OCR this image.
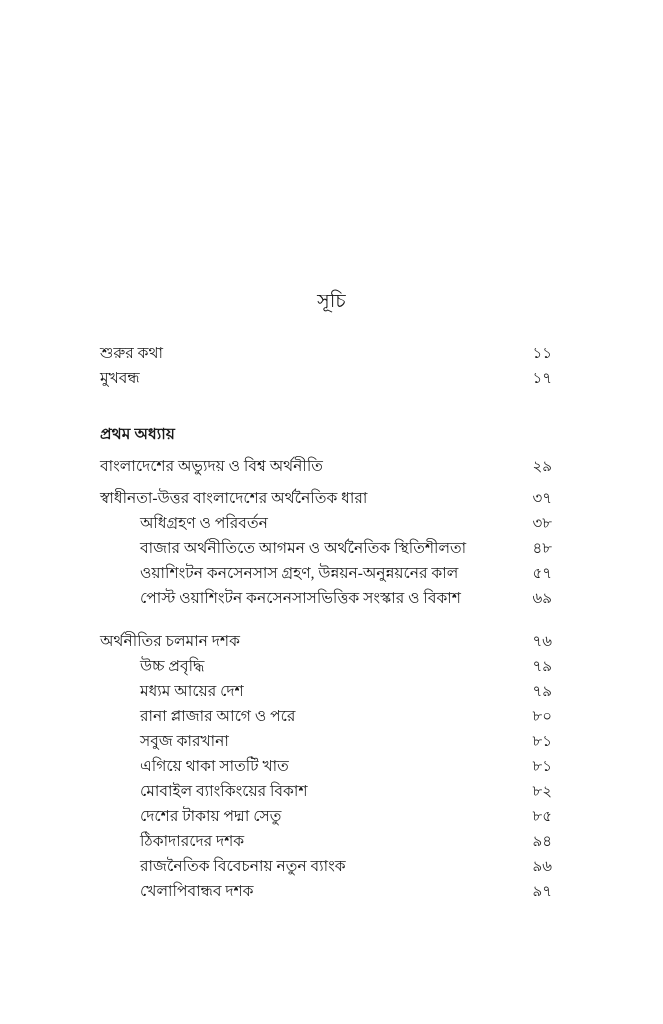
সূচি
শুরুর কথা	১১
মুখবন্ধ	১৭
প্রথম অধ্যায়
বাংলাদেশের অভ্যুদয় ও বিশ্ব অর্থনীতি	২৯
স্বাধীনতা-উত্তর বাংলাদেশের অর্থনৈতিক ধারা	৩৭
অধিগ্রহণ ও পরিবর্তন	৩৮
বাজার অর্থনীতিতে আগমন ও অর্থনৈতিক স্থিতিশীলতা	৪৮
ওয়াশিংটন কনসেনসাস গ্রহণ, উন্নয়ন-অনুন্নয়নের কাল	৫৭
পোস্ট ওয়াশিংটন কনসেনসাসভিত্তিক সংস্কার ও বিকাশ	৬৯
অর্থনীতির চলমান দশক	৭৬
উচ্চ প্রবৃদ্ধি	৭৯
মধ্যম আয়ের দেশ	৭৯
রানা প্লাজার আগে ও পরে	৮০
সবুজ কারখানা	৮১
এগিয়ে থাকা সাতটি খাত	৮১
মোবাইল ব্যাংকিংয়ের বিকাশ	৮২
দেশের টাকায় পদ্মা সেতু	৮৫
ঠিকাদারদের দশক	৯৪
রাজনৈতিক বিবেচনায় নতুন ব্যাংক	৯৬
খেলাপিবান্ধব দশক	৯৭
